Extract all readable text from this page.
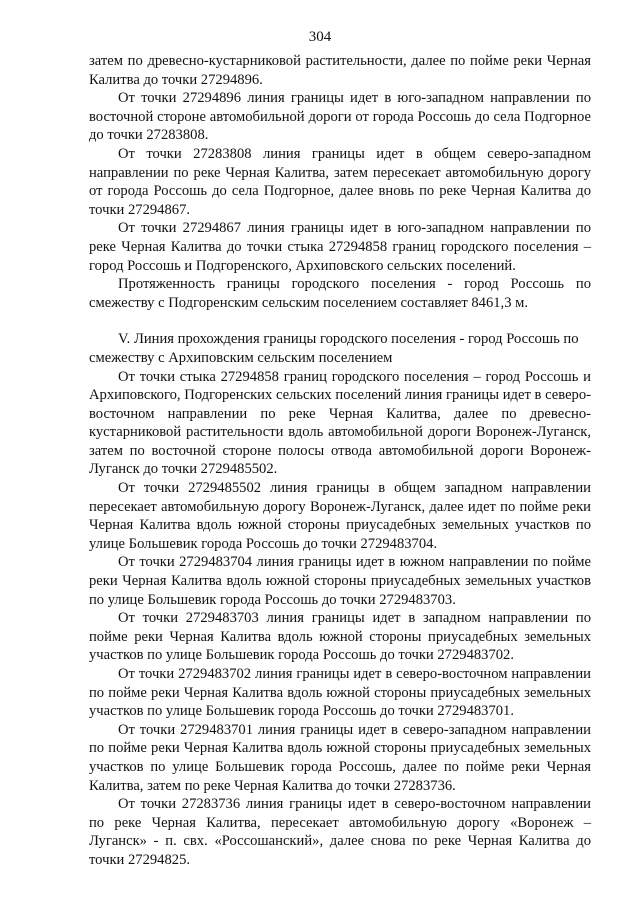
304

затем по древесно-кустарниковой растительности, далее по пойме реки Черная Калитва до точки 27294896.

От точки 27294896 линия границы идет в юго-западном направлении по восточной стороне автомобильной дороги от города Россошь до села Подгорное до точки 27283808.

От точки 27283808 линия границы идет в общем северо-западном направлении по реке Черная Калитва, затем пересекает автомобильную дорогу от города Россошь до села Подгорное, далее вновь по реке Черная Калитва до точки 27294867.

От точки 27294867 линия границы идет в юго-западном направлении по реке Черная Калитва до точки стыка 27294858 границ городского поселения – город Россошь и Подгоренского, Архиповского сельских поселений.

Протяженность границы городского поселения - город Россошь по смежеству с Подгоренским сельским поселением составляет 8461,3 м.

V. Линия прохождения границы городского поселения - город Россошь по смежеству с Архиповским сельским поселением

От точки стыка 27294858 границ городского поселения – город Россошь и Архиповского, Подгоренских сельских поселений линия границы идет в северо-восточном направлении по реке Черная Калитва, далее по древесно-кустарниковой растительности вдоль автомобильной дороги Воронеж-Луганск, затем по восточной стороне полосы отвода автомобильной дороги Воронеж-Луганск до точки 2729485502.

От точки 2729485502 линия границы в общем западном направлении пересекает автомобильную дорогу Воронеж-Луганск, далее идет по пойме реки Черная Калитва вдоль южной стороны приусадебных земельных участков по улице Большевик города Россошь до точки 2729483704.

От точки 2729483704 линия границы идет в южном направлении по пойме реки Черная Калитва вдоль южной стороны приусадебных земельных участков по улице Большевик города Россошь до точки 2729483703.

От точки 2729483703 линия границы идет в западном направлении по пойме реки Черная Калитва вдоль южной стороны приусадебных земельных участков по улице Большевик города Россошь до точки 2729483702.

От точки 2729483702 линия границы идет в северо-восточном направлении по пойме реки Черная Калитва вдоль южной стороны приусадебных земельных участков по улице Большевик города Россошь до точки 2729483701.

От точки 2729483701 линия границы идет в северо-западном направлении по пойме реки Черная Калитва вдоль южной стороны приусадебных земельных участков по улице Большевик города Россошь, далее по пойме реки Черная Калитва, затем по реке Черная Калитва до точки 27283736.

От точки 27283736 линия границы идет в северо-восточном направлении по реке Черная Калитва, пересекает автомобильную дорогу «Воронеж – Луганск» - п. свх. «Россошанский», далее снова по реке Черная Калитва до точки 27294825.
